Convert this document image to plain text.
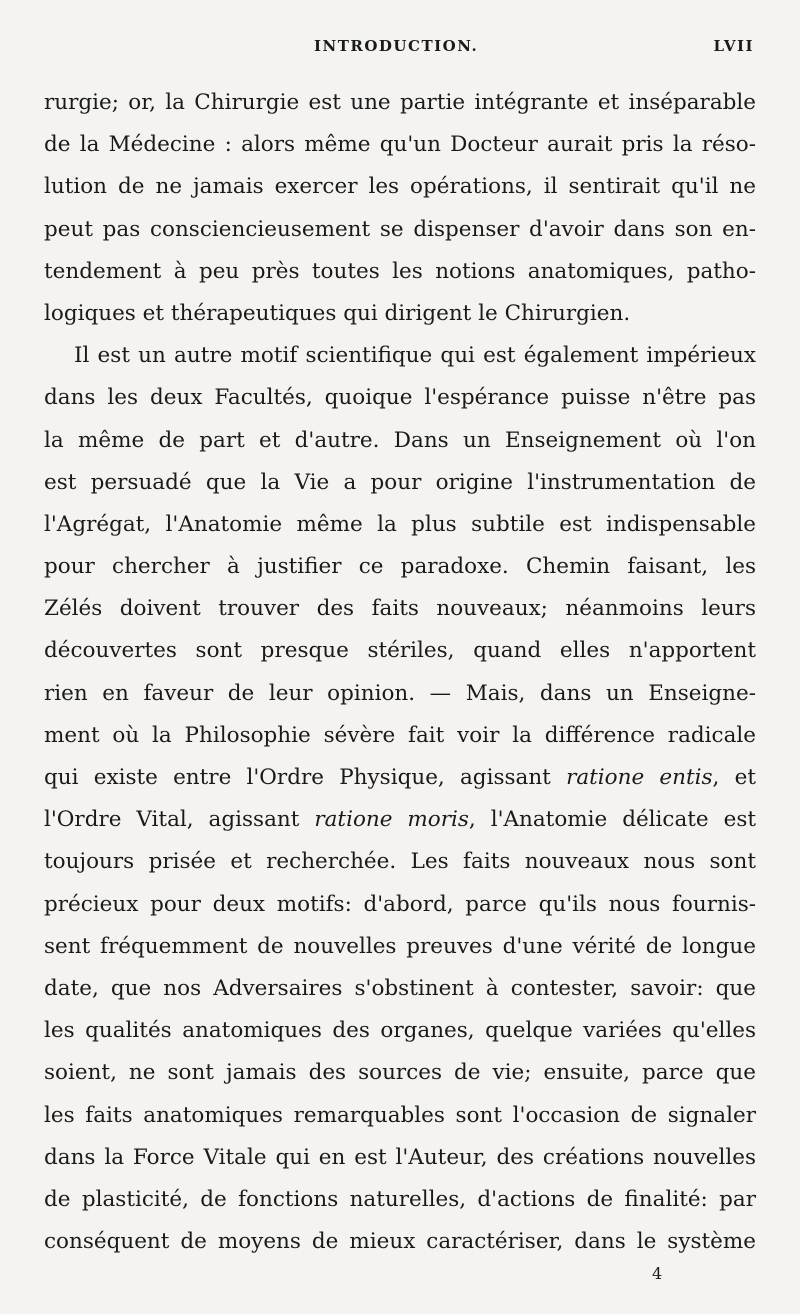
INTRODUCTION.	LVII
rurgie; or, la Chirurgie est une partie intégrante et inséparable
de la Médecine : alors même qu'un Docteur aurait pris la réso-
lution de ne jamais exercer les opérations, il sentirait qu'il ne
peut pas consciencieusement se dispenser d'avoir dans son en-
tendement à peu près toutes les notions anatomiques, patho-
logiques et thérapeutiques qui dirigent le Chirurgien.
Il est un autre motif scientifique qui est également impérieux
dans les deux Facultés, quoique l'espérance puisse n'être pas
la même de part et d'autre. Dans un Enseignement où l'on
est persuadé que la Vie a pour origine l'instrumentation de
l'Agrégat, l'Anatomie même la plus subtile est indispensable
pour chercher à justifier ce paradoxe. Chemin faisant, les
Zélés doivent trouver des faits nouveaux; néanmoins leurs
découvertes sont presque stériles, quand elles n'apportent
rien en faveur de leur opinion. — Mais, dans un Enseigne-
ment où la Philosophie sévère fait voir la différence radicale
qui existe entre l'Ordre Physique, agissant ratione entis, et
l'Ordre Vital, agissant ratione moris, l'Anatomie délicate est
toujours prisée et recherchée. Les faits nouveaux nous sont
précieux pour deux motifs: d'abord, parce qu'ils nous fournis-
sent fréquemment de nouvelles preuves d'une vérité de longue
date, que nos Adversaires s'obstinent à contester, savoir: que
les qualités anatomiques des organes, quelque variées qu'elles
soient, ne sont jamais des sources de vie; ensuite, parce que
les faits anatomiques remarquables sont l'occasion de signaler
dans la Force Vitale qui en est l'Auteur, des créations nouvelles
de plasticité, de fonctions naturelles, d'actions de finalité: par
conséquent de moyens de mieux caractériser, dans le système
4
